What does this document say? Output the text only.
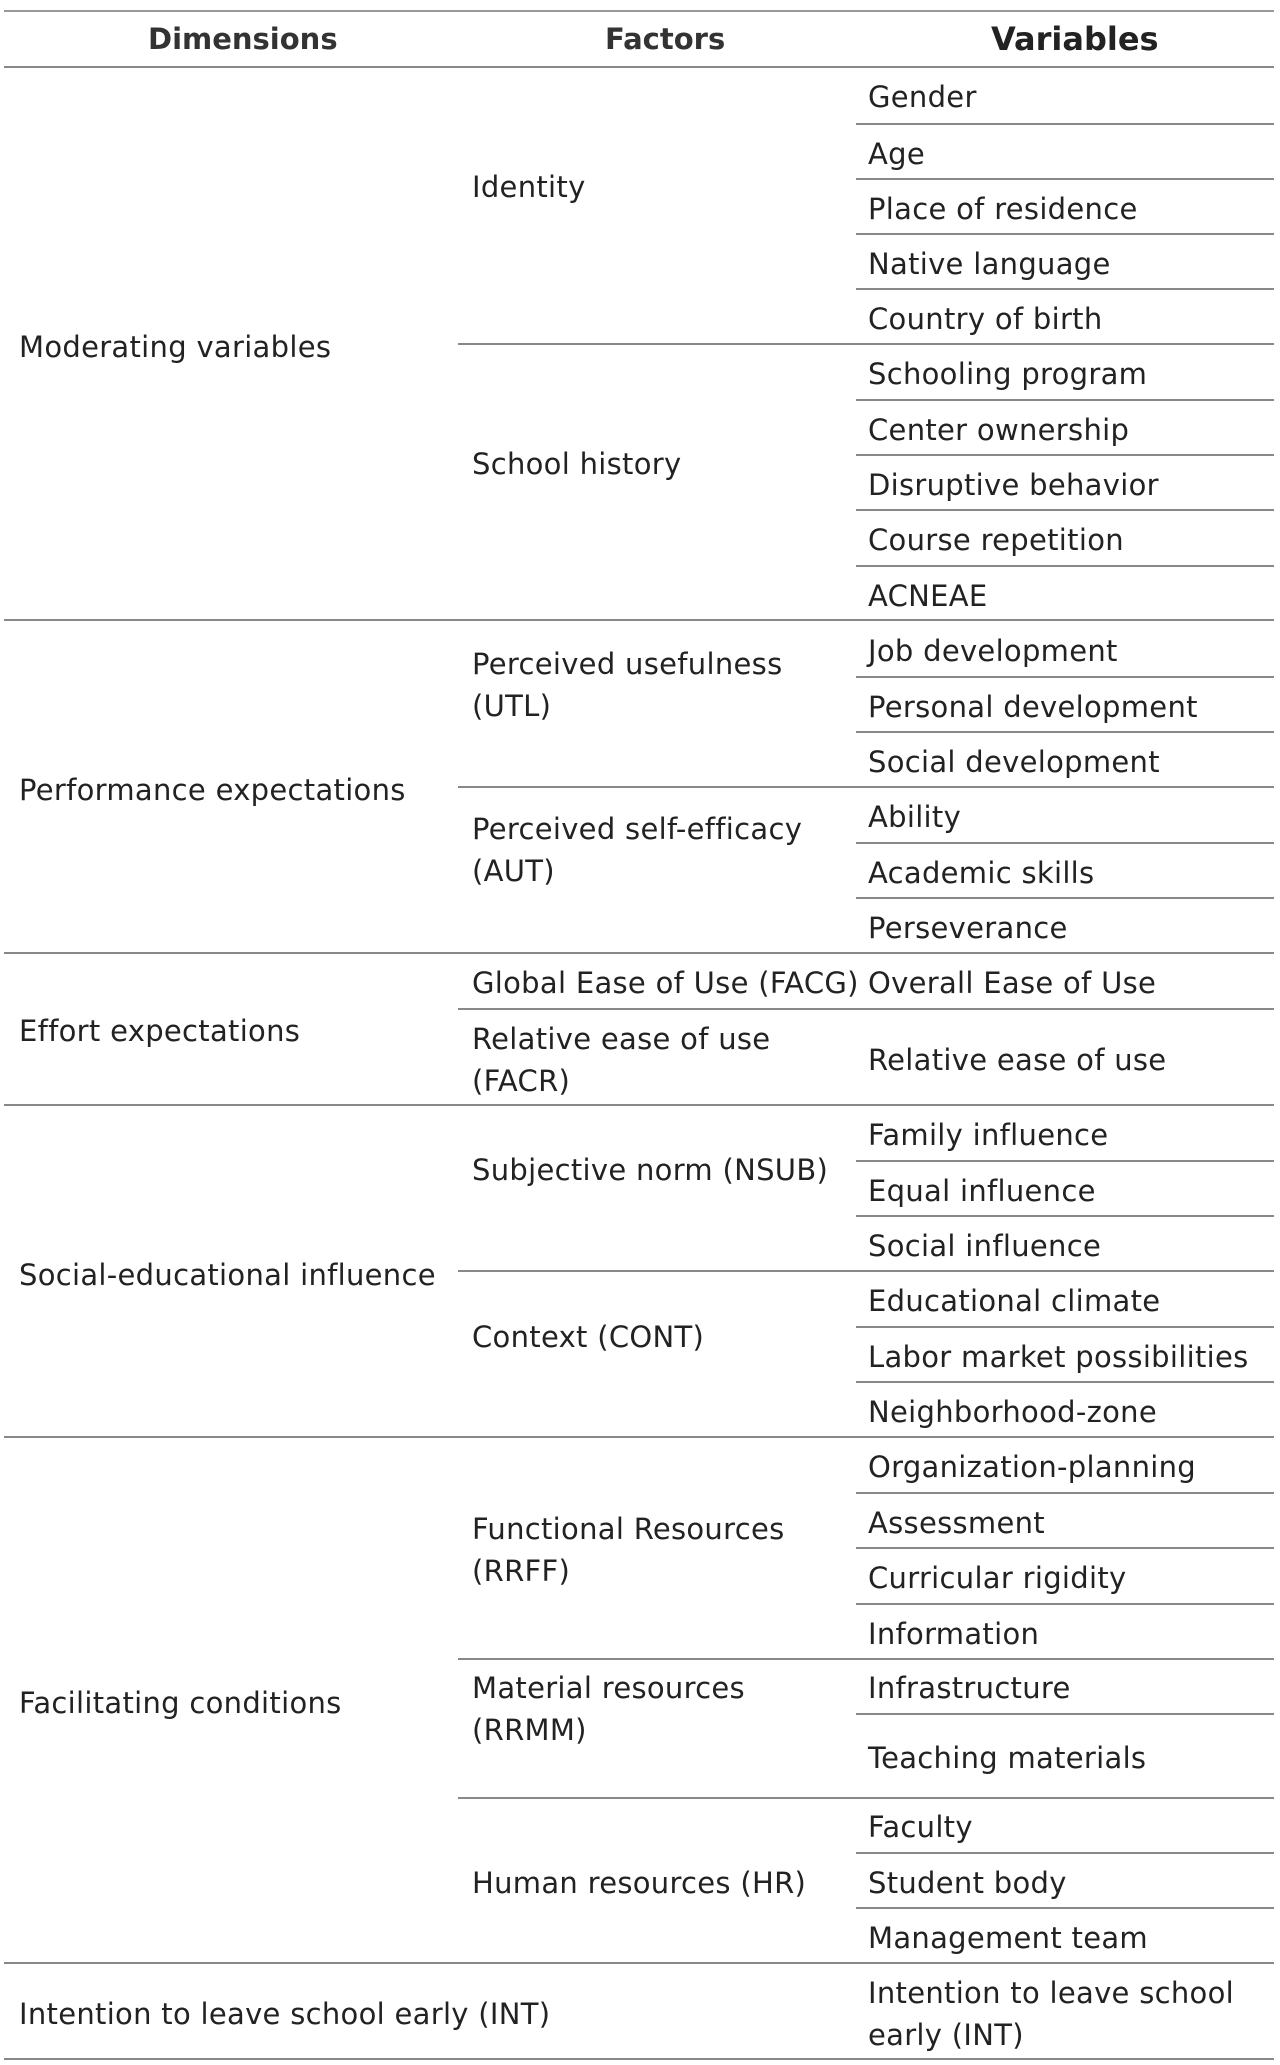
Dimensions	Factors	Variables
Moderating variables
Identity
School history
Gender
Age
Place of residence
Native language
Country of birth
Schooling program
Center ownership
Disruptive behavior
Course repetition
ACNEAE
Performance expectations
Perceived usefulness (UTL)
Perceived self-efficacy (AUT)
Job development
Personal development
Social development
Ability
Academic skills
Perseverance
Effort expectations
Global Ease of Use (FACG)
Relative ease of use (FACR)
Overall Ease of Use
Relative ease of use
Social-educational influence
Subjective norm (NSUB)
Context (CONT)
Family influence
Equal influence
Social influence
Educational climate
Labor market possibilities
Neighborhood-zone
Facilitating conditions
Functional Resources (RRFF)
Material resources (RRMM)
Human resources (HR)
Organization-planning
Assessment
Curricular rigidity
Information
Infrastructure
Teaching materials
Faculty
Student body
Management team
Intention to leave school early (INT)
Intention to leave school early (INT)
